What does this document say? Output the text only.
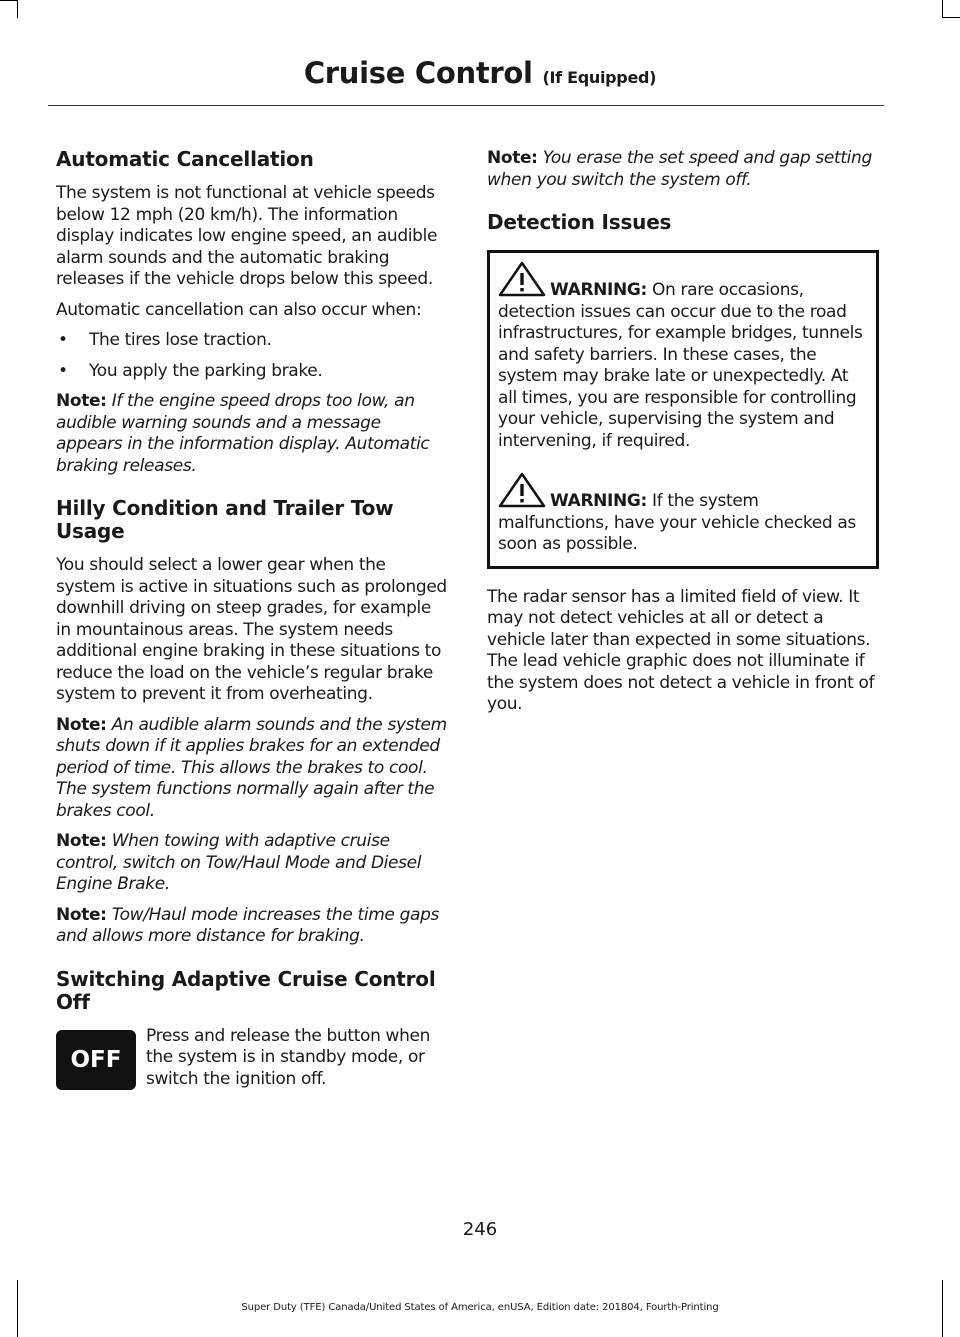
Cruise Control (If Equipped)
Automatic Cancellation

The system is not functional at vehicle speeds below 12 mph (20 km/h). The information display indicates low engine speed, an audible alarm sounds and the automatic braking releases if the vehicle drops below this speed.

Automatic cancellation can also occur when:

• The tires lose traction.
• You apply the parking brake.

Note: If the engine speed drops too low, an audible warning sounds and a message appears in the information display. Automatic braking releases.

Hilly Condition and Trailer Tow Usage

You should select a lower gear when the system is active in situations such as prolonged downhill driving on steep grades, for example in mountainous areas. The system needs additional engine braking in these situations to reduce the load on the vehicle’s regular brake system to prevent it from overheating.

Note: An audible alarm sounds and the system shuts down if it applies brakes for an extended period of time. This allows the brakes to cool. The system functions normally again after the brakes cool.

Note: When towing with adaptive cruise control, switch on Tow/Haul Mode and Diesel Engine Brake.

Note: Tow/Haul mode increases the time gaps and allows more distance for braking.

Switching Adaptive Cruise Control Off
OFF

Press and release the button when the system is in standby mode, or switch the ignition off.

Note: You erase the set speed and gap setting when you switch the system off.

Detection Issues

WARNING: On rare occasions, detection issues can occur due to the road infrastructures, for example bridges, tunnels and safety barriers. In these cases, the system may brake late or unexpectedly. At all times, you are responsible for controlling your vehicle, supervising the system and intervening, if required.

WARNING: If the system malfunctions, have your vehicle checked as soon as possible.

The radar sensor has a limited field of view. It may not detect vehicles at all or detect a vehicle later than expected in some situations. The lead vehicle graphic does not illuminate if the system does not detect a vehicle in front of you.

246
Super Duty (TFE) Canada/United States of America, enUSA, Edition date: 201804, Fourth-Printing
